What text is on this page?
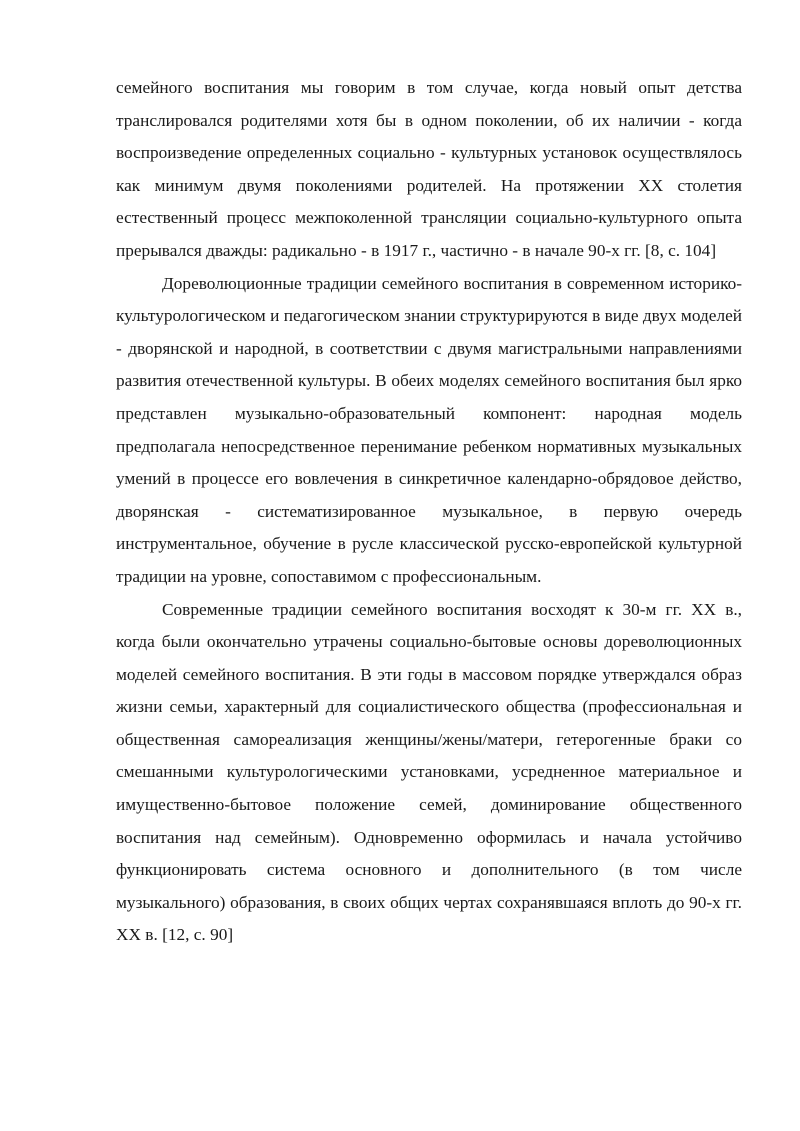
семейного воспитания мы говорим в том случае, когда новый опыт детства транслировался родителями хотя бы в одном поколении, об их наличии - когда воспроизведение определенных социально - культурных установок осуществлялось как минимум двумя поколениями родителей. На протяжении XX столетия естественный процесс межпоколенной трансляции социально-культурного опыта прерывался дважды: радикально - в 1917 г., частично - в начале 90-х гг. [8, с. 104]

Дореволюционные традиции семейного воспитания в современном историко-культурологическом и педагогическом знании структурируются в виде двух моделей - дворянской и народной, в соответствии с двумя магистральными направлениями развития отечественной культуры. В обеих моделях семейного воспитания был ярко представлен музыкально-образовательный компонент: народная модель предполагала непосредственное перенимание ребенком нормативных музыкальных умений в процессе его вовлечения в синкретичное календарно-обрядовое действо, дворянская - систематизированное музыкальное, в первую очередь инструментальное, обучение в русле классической русско-европейской культурной традиции на уровне, сопоставимом с профессиональным.

Современные традиции семейного воспитания восходят к 30-м гг. XX в., когда были окончательно утрачены социально-бытовые основы дореволюционных моделей семейного воспитания. В эти годы в массовом порядке утверждался образ жизни семьи, характерный для социалистического общества (профессиональная и общественная самореализация женщины/жены/матери, гетерогенные браки со смешанными культурологическими установками, усредненное материальное и имущественно-бытовое положение семей, доминирование общественного воспитания над семейным). Одновременно оформилась и начала устойчиво функционировать система основного и дополнительного (в том числе музыкального) образования, в своих общих чертах сохранявшаяся вплоть до 90-х гг. XX в. [12, с. 90]
